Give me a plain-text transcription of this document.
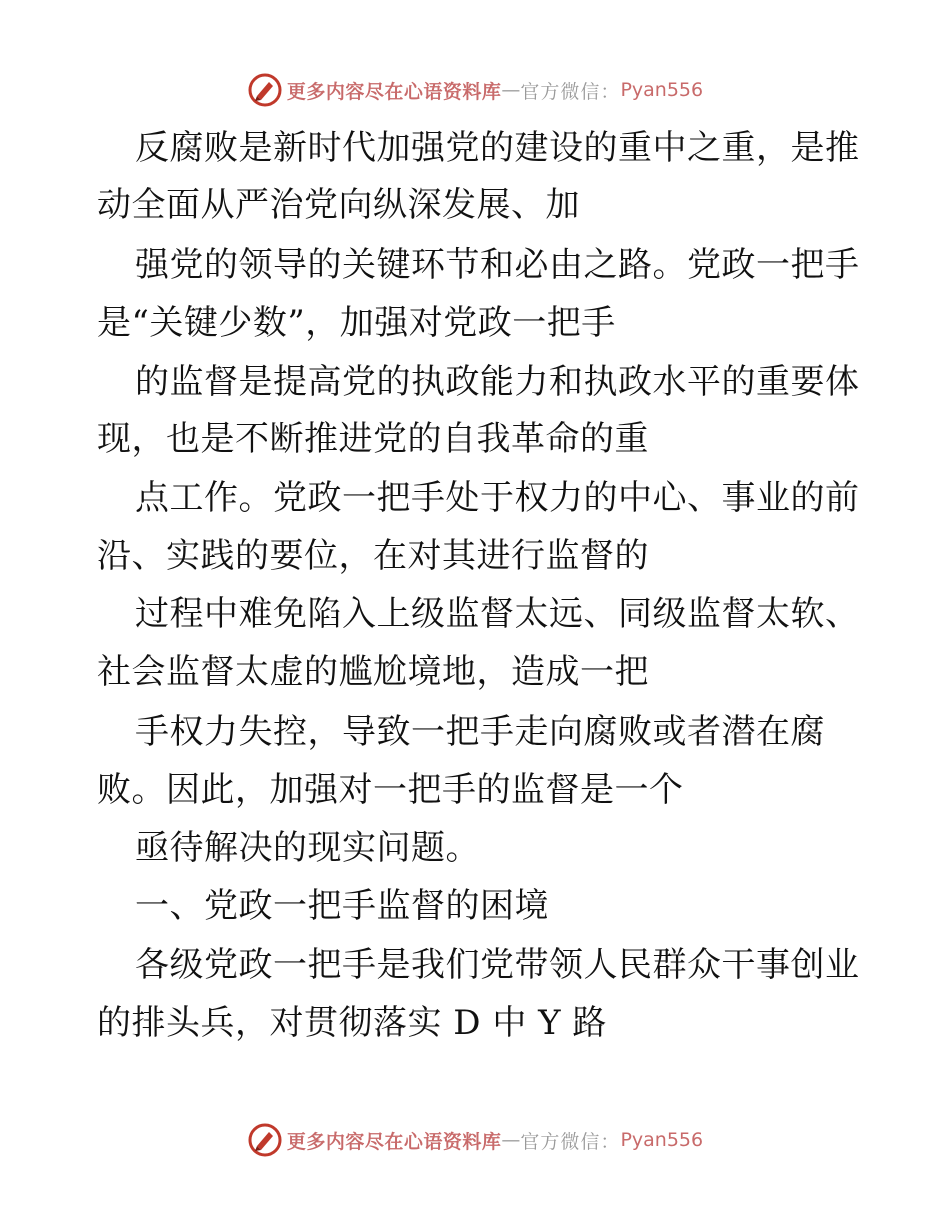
更多内容尽在心语资料库 — 官方微信： Pyan556
反腐败是新时代加强党的建设的重中之重，是推
动全面从严治党向纵深发展、加
强党的领导的关键环节和必由之路。党政一把手
是“关键少数”，加强对党政一把手
的监督是提高党的执政能力和执政水平的重要体
现，也是不断推进党的自我革命的重
点工作。党政一把手处于权力的中心、事业的前
沿、实践的要位，在对其进行监督的
过程中难免陷入上级监督太远、同级监督太软、
社会监督太虚的尴尬境地，造成一把
手权力失控，导致一把手走向腐败或者潜在腐
败。因此，加强对一把手的监督是一个
亟待解决的现实问题。
一、党政一把手监督的困境
各级党政一把手是我们党带领人民群众干事创业
的排头兵，对贯彻落实 D 中 Y 路
更多内容尽在心语资料库 — 官方微信： Pyan556
